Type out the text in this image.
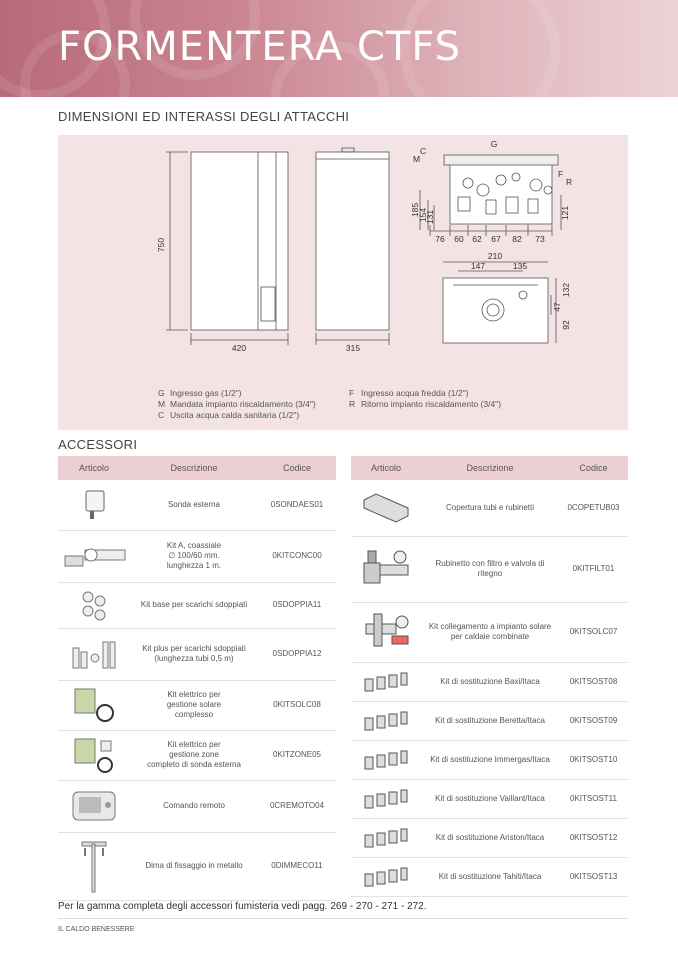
FORMENTERA CTFS
DIMENSIONI ED INTERASSI DEGLI ATTACCHI
750
420	315
G
M
C
F
R
185
154
131	121
76 60 62 67 82 73
210
147	135
132
47
92
G Ingresso gas (1/2")
M Mandata impianto riscaldamento (3/4")
C Uscita acqua calda sanitaria (1/2")
F Ingresso acqua fredda (1/2")
R Ritorno impianto riscaldamento (3/4")
ACCESSORI
Articolo	Descrizione	Codice

	Sonda esterna	0SONDAES01

	Kit A, coassiale
∅ 100/60 mm.
lunghezza 1 m.	0KITCONC00

	Kit base per scarichi sdoppiati	0SDOPPIA11

	Kit plus per scarichi sdoppiati
(lunghezza tubi 0,5 m)	0SDOPPIA12

	Kit elettrico per
gestione solare
complesso	0KITSOLC08

	Kit elettrico per
gestione zone
completo di sonda esterna	0KITZONE05

	Comando remoto	0CREMOTO04

	Dima di fissaggio in metallo	0DIMMECO11
Articolo	Descrizione	Codice

	Copertura tubi e rubinetti	0COPETUB03

	Rubinetto con filtro e valvola di
ritegno	0KITFILT01

	Kit collegamento a impianto solare
per caldaie combinate	0KITSOLC07

	Kit di sostituzione Baxi/Itaca	0KITSOST08

	Kit di sostituzione Beretta/Itaca	0KITSOST09

	Kit di sostituzione Immergas/Itaca	0KITSOST10

	Kit di sostituzione Vaillant/Itaca	0KITSOST11

	Kit di sostituzione Ariston/Itaca	0KITSOST12

	Kit di sostituzione Tahiti/Itaca	0KITSOST13
Per la gamma completa degli accessori fumisteria vedi pagg. 269 - 270 - 271 - 272.
IL CALDO BENESSERE
